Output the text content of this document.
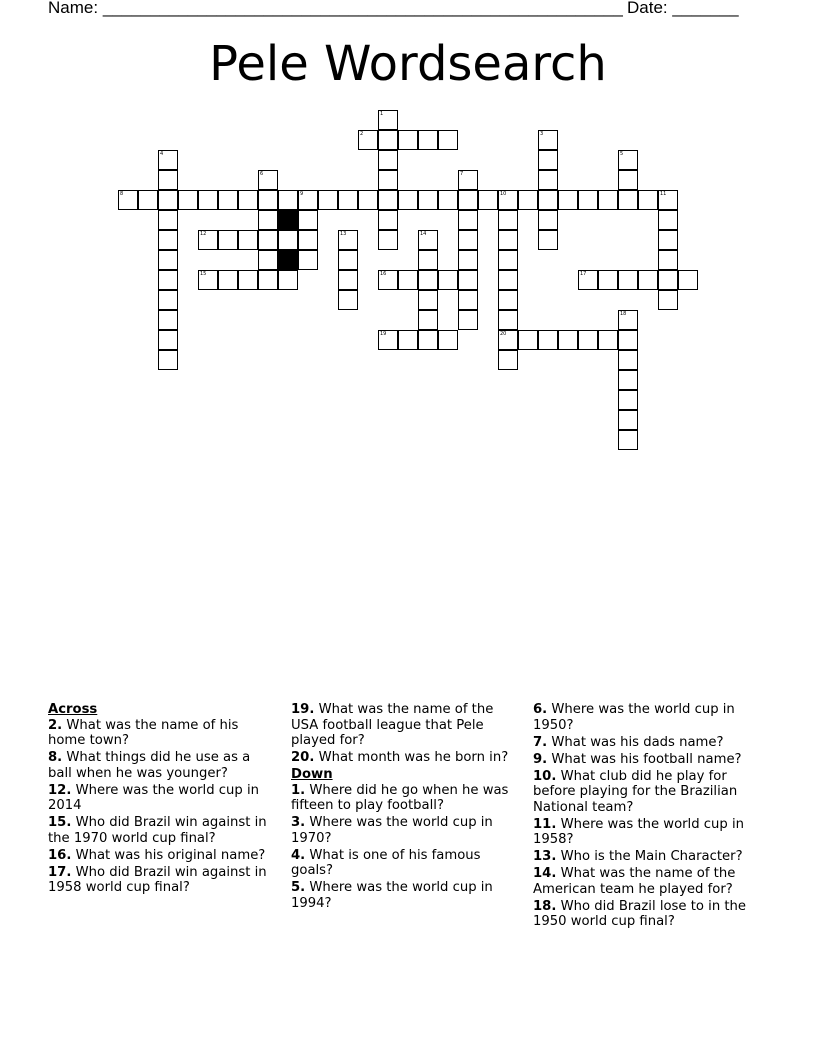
Name: _______________________________________________________ Date: _______
Pele Wordsearch
1
2	3
4	5
6	7
8	9	10	11
12	13	14
15	16	17
18
19	20
Across
2. What was the name of his home town?
8. What things did he use as a ball when he was younger?
12. Where was the world cup in 2014
15. Who did Brazil win against in the 1970 world cup final?
16. What was his original name?
17. Who did Brazil win against in 1958 world cup final?
19. What was the name of the USA football league that Pele played for?
20. What month was he born in?
Down
1. Where did he go when he was fifteen to play football?
3. Where was the world cup in 1970?
4. What is one of his famous goals?
5. Where was the world cup in 1994?
6. Where was the world cup in 1950?
7. What was his dads name?
9. What was his football name?
10. What club did he play for before playing for the Brazilian National team?
11. Where was the world cup in 1958?
13. Who is the Main Character?
14. What was the name of the American team he played for?
18. Who did Brazil lose to in the 1950 world cup final?
